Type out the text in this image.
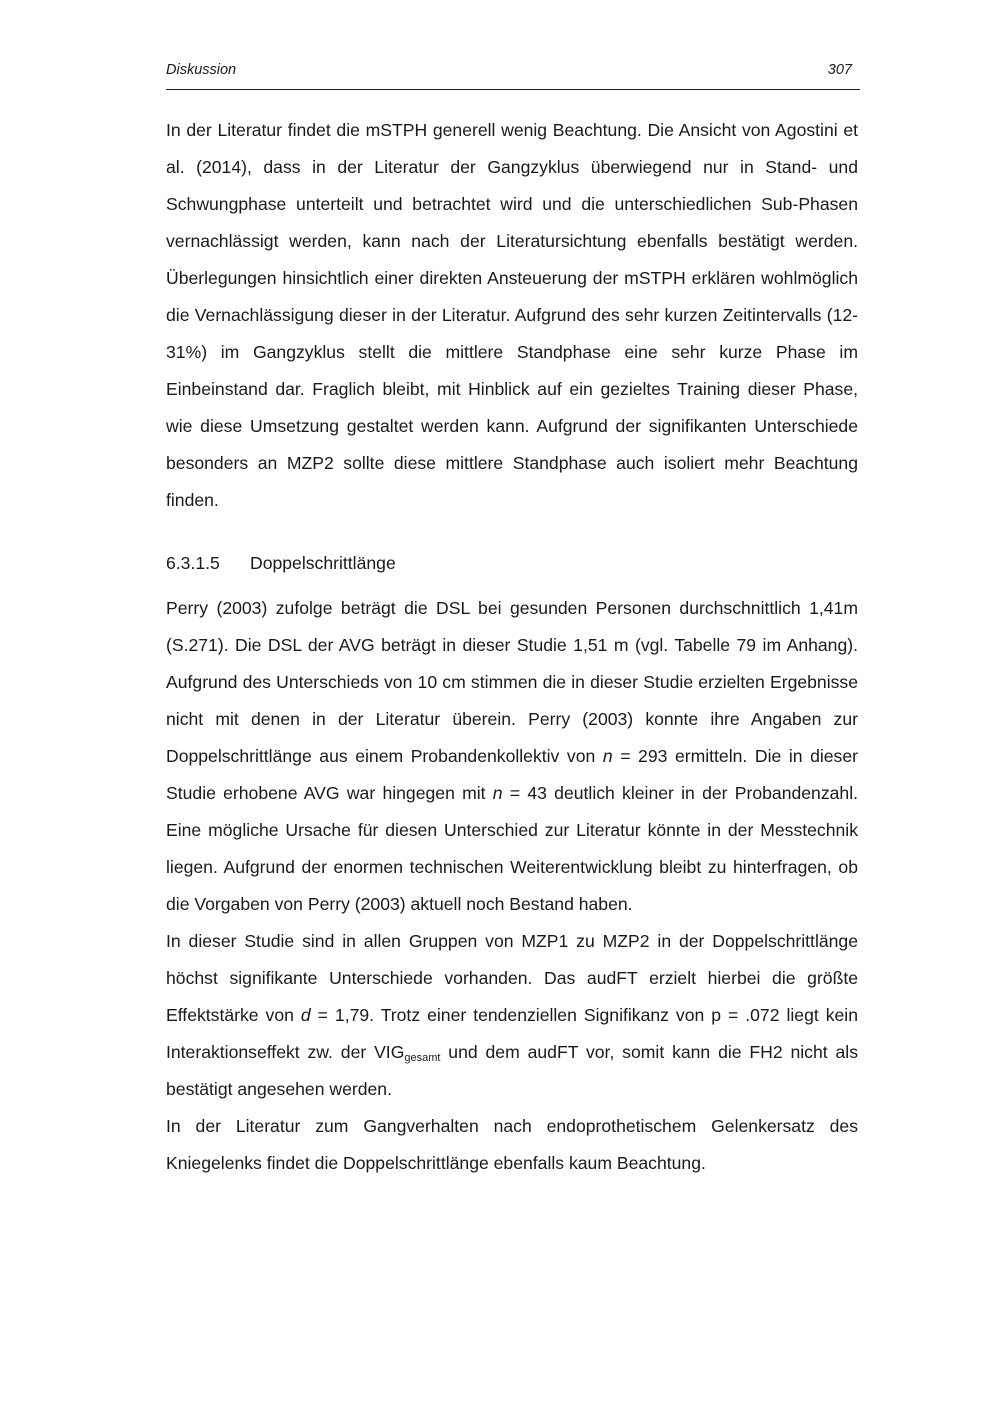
Diskussion	307

In der Literatur findet die mSTPH generell wenig Beachtung. Die Ansicht von Agostini et al. (2014), dass in der Literatur der Gangzyklus überwiegend nur in Stand- und Schwungphase unterteilt und betrachtet wird und die unterschiedlichen Sub-Phasen vernachlässigt werden, kann nach der Literatursichtung ebenfalls bestätigt werden. Überlegungen hinsichtlich einer direkten Ansteuerung der mSTPH erklären wohlmöglich die Vernachlässigung dieser in der Literatur. Aufgrund des sehr kurzen Zeitintervalls (12-31%) im Gangzyklus stellt die mittlere Standphase eine sehr kurze Phase im Einbeinstand dar. Fraglich bleibt, mit Hinblick auf ein gezieltes Training dieser Phase, wie diese Umsetzung gestaltet werden kann. Aufgrund der signifikanten Unterschiede besonders an MZP2 sollte diese mittlere Standphase auch isoliert mehr Beachtung finden.

6.3.1.5	Doppelschrittlänge

Perry (2003) zufolge beträgt die DSL bei gesunden Personen durchschnittlich 1,41m (S.271). Die DSL der AVG beträgt in dieser Studie 1,51 m (vgl. Tabelle 79 im Anhang). Aufgrund des Unterschieds von 10 cm stimmen die in dieser Studie erzielten Ergebnisse nicht mit denen in der Literatur überein. Perry (2003) konnte ihre Angaben zur Doppelschrittlänge aus einem Probandenkollektiv von n = 293 ermitteln. Die in dieser Studie erhobene AVG war hingegen mit n = 43 deutlich kleiner in der Probandenzahl. Eine mögliche Ursache für diesen Unterschied zur Literatur könnte in der Messtechnik liegen. Aufgrund der enormen technischen Weiterentwicklung bleibt zu hinterfragen, ob die Vorgaben von Perry (2003) aktuell noch Bestand haben.

In dieser Studie sind in allen Gruppen von MZP1 zu MZP2 in der Doppelschrittlänge höchst signifikante Unterschiede vorhanden. Das audFT erzielt hierbei die größte Effektstärke von d = 1,79. Trotz einer tendenziellen Signifikanz von p = .072 liegt kein Interaktionseffekt zw. der $VIG_{gesamt}$ und dem audFT vor, somit kann die FH2 nicht als bestätigt angesehen werden.

In der Literatur zum Gangverhalten nach endoprothetischem Gelenkersatz des Kniegelenks findet die Doppelschrittlänge ebenfalls kaum Beachtung.
